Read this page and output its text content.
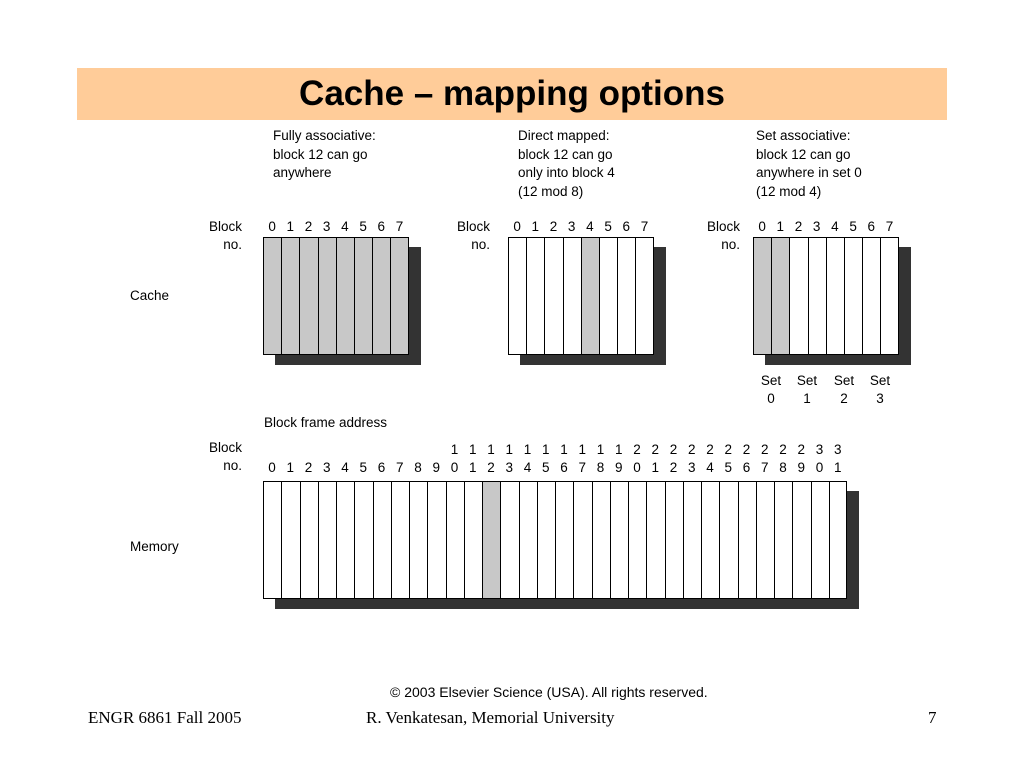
Cache – mapping options
Fully associative:
block 12 can go
anywhere
Direct mapped:
block 12 can go
only into block 4
(12 mod 8)
Set associative:
block 12 can go
anywhere in set 0
(12 mod 4)
Block
no.
Block
no.
Block
no.
Cache
0 1 2 3 4 5 6 7	0 1 2 3 4 5 6 7	0 1 2 3 4 5 6 7
Set
0
Set
1
Set
2
Set
3
Block frame address
Block
no.
Memory
0 1 2 3 4 5 6 7 8 9
1
0
1
1
1
2
1
3
1
4
1
5
1
6
1
7
1
8
1
9
2
0
2
1
2
2
2
3
2
4
2
5
2
6
2
7
2
8
2
9
3
0
3
1
© 2003 Elsevier Science (USA). All rights reserved.
ENGR 6861 Fall 2005	R. Venkatesan, Memorial University	7
